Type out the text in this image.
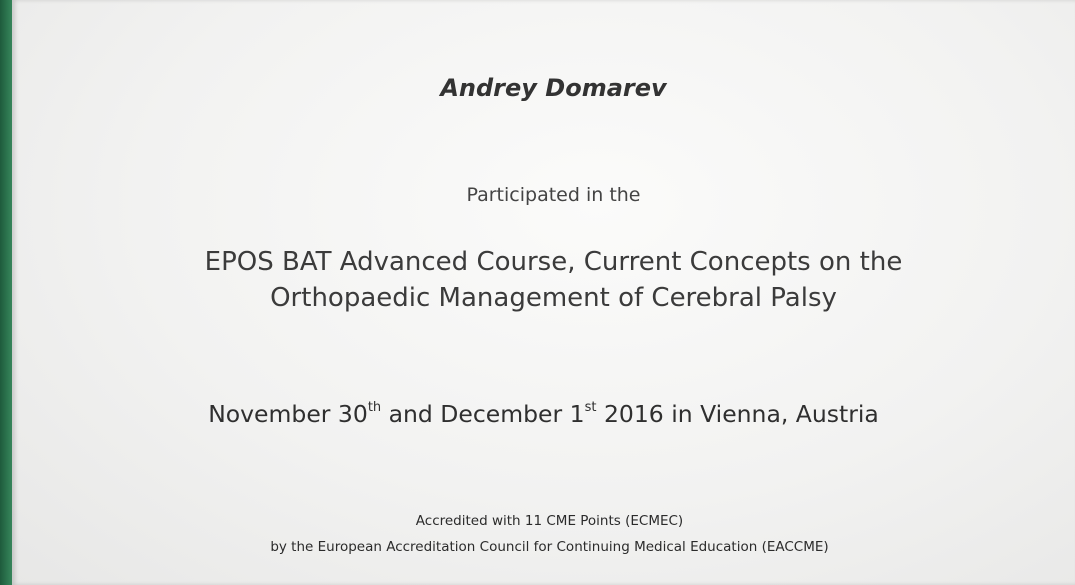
Andrey Domarev
Participated in the
EPOS BAT Advanced Course, Current Concepts on the
Orthopaedic Management of Cerebral Palsy
November 30th and December 1st 2016 in Vienna, Austria
Accredited with 11 CME Points (ECMEC)
by the European Accreditation Council for Continuing Medical Education (EACCME)
